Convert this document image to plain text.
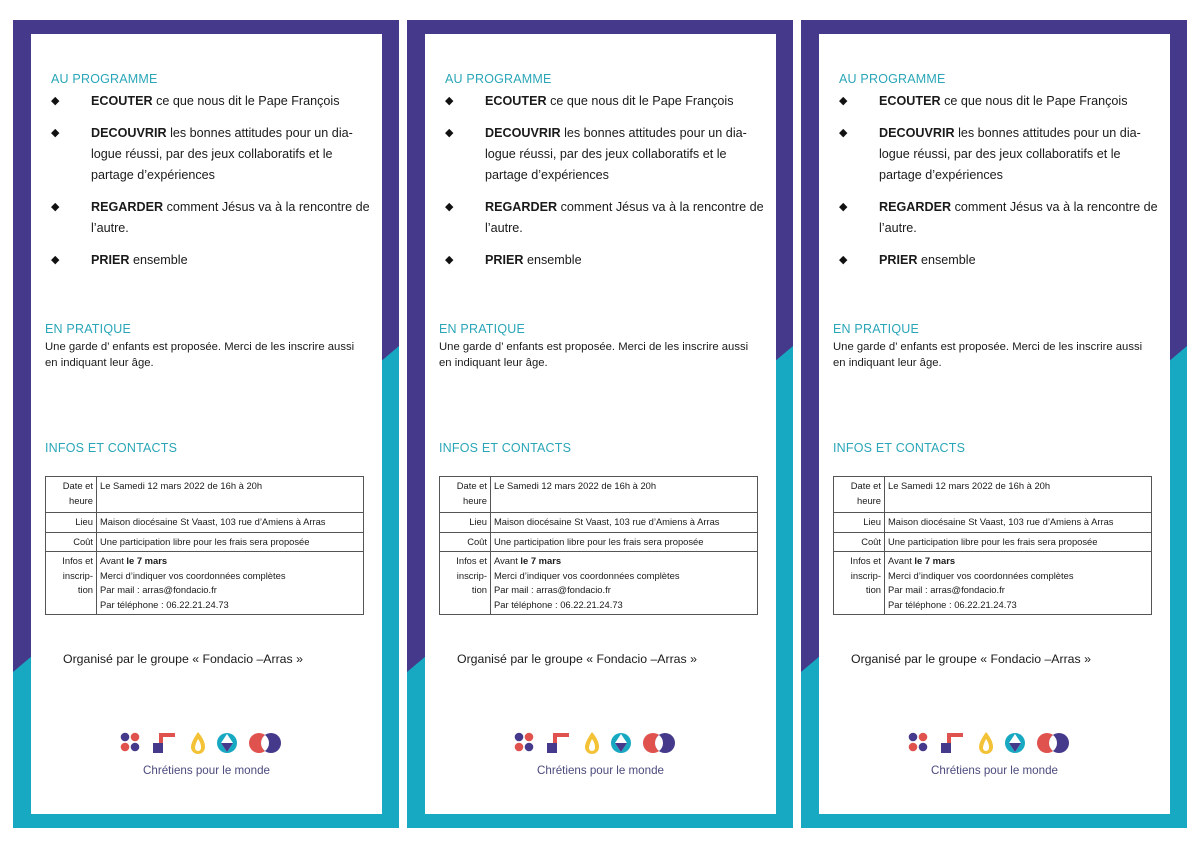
AU PROGRAMME
◆	ECOUTER ce que nous dit le Pape François
◆	DECOUVRIR les bonnes attitudes pour un dia-logue réussi, par des jeux collaboratifs et le partage d’expériences
◆	REGARDER comment Jésus va à la rencontre de l’autre.
◆	PRIER ensemble
EN PRATIQUE
Une garde d’ enfants est proposée. Merci de les inscrire aussi en indiquant leur âge.
INFOS ET CONTACTS
Date et heure	Le Samedi 12 mars 2022 de 16h à 20h
Lieu	Maison diocésaine St Vaast, 103 rue d’Amiens à Arras
Coût	Une participation libre pour les frais sera proposée
Infos et inscrip-tion	Avant le 7 mars
Merci d’indiquer vos coordonnées complètes
Par mail : arras@fondacio.fr
Par téléphone : 06.22.21.24.73
Organisé par le groupe « Fondacio –Arras »
Chrétiens pour le monde
AU PROGRAMME
◆	ECOUTER ce que nous dit le Pape François
◆	DECOUVRIR les bonnes attitudes pour un dia-logue réussi, par des jeux collaboratifs et le partage d’expériences
◆	REGARDER comment Jésus va à la rencontre de l’autre.
◆	PRIER ensemble
EN PRATIQUE
Une garde d’ enfants est proposée. Merci de les inscrire aussi en indiquant leur âge.
INFOS ET CONTACTS
Date et heure	Le Samedi 12 mars 2022 de 16h à 20h
Lieu	Maison diocésaine St Vaast, 103 rue d’Amiens à Arras
Coût	Une participation libre pour les frais sera proposée
Infos et inscrip-tion	Avant le 7 mars
Merci d’indiquer vos coordonnées complètes
Par mail : arras@fondacio.fr
Par téléphone : 06.22.21.24.73
Organisé par le groupe « Fondacio –Arras »
Chrétiens pour le monde
AU PROGRAMME
◆	ECOUTER ce que nous dit le Pape François
◆	DECOUVRIR les bonnes attitudes pour un dia-logue réussi, par des jeux collaboratifs et le partage d’expériences
◆	REGARDER comment Jésus va à la rencontre de l’autre.
◆	PRIER ensemble
EN PRATIQUE
Une garde d’ enfants est proposée. Merci de les inscrire aussi en indiquant leur âge.
INFOS ET CONTACTS
Date et heure	Le Samedi 12 mars 2022 de 16h à 20h
Lieu	Maison diocésaine St Vaast, 103 rue d’Amiens à Arras
Coût	Une participation libre pour les frais sera proposée
Infos et inscrip-tion	Avant le 7 mars
Merci d’indiquer vos coordonnées complètes
Par mail : arras@fondacio.fr
Par téléphone : 06.22.21.24.73
Organisé par le groupe « Fondacio –Arras »
Chrétiens pour le monde
